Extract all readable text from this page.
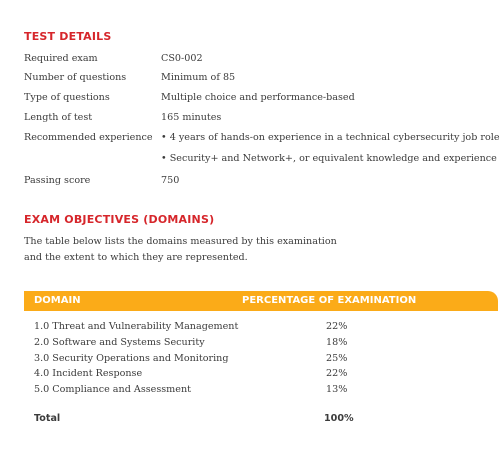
TEST DETAILS
Required exam	CS0-002
Number of questions	Minimum of 85
Type of questions	Multiple choice and performance-based
Length of test	165 minutes
Recommended experience • 4 years of hands-on experience in a technical cybersecurity job role
• Security+ and Network+, or equivalent knowledge and experience
Passing score	750
EXAM OBJECTIVES (DOMAINS)
The table below lists the domains measured by this examination
and the extent to which they are represented.
DOMAIN	PERCENTAGE OF EXAMINATION
1.0 Threat and Vulnerability Management	22%
2.0 Software and Systems Security	18%
3.0 Security Operations and Monitoring	25%
4.0 Incident Response	22%
5.0 Compliance and Assessment	13%
Total	100%
